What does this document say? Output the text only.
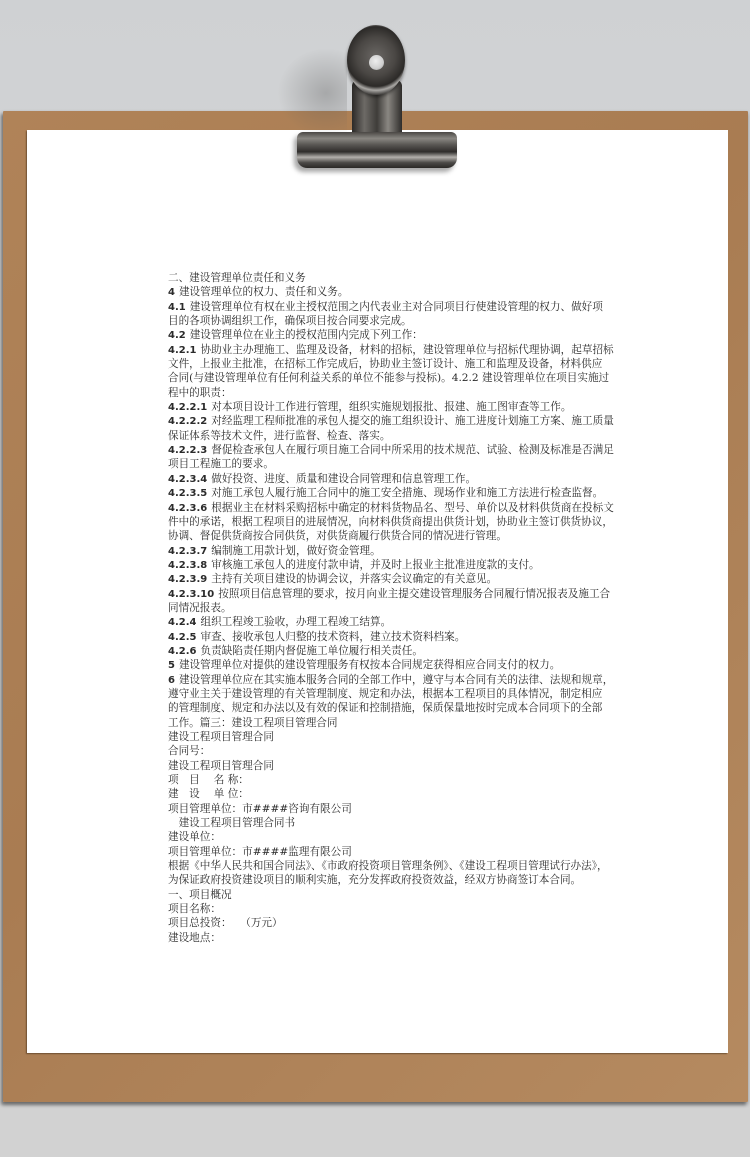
二、建设管理单位责任和义务
4 建设管理单位的权力、责任和义务。
4.1 建设管理单位有权在业主授权范围之内代表业主对合同项目行使建设管理的权力、做好项
目的各项协调组织工作，确保项目按合同要求完成。
4.2 建设管理单位在业主的授权范围内完成下列工作：
4.2.1 协助业主办理施工、监理及设备，材料的招标，建设管理单位与招标代理协调，起草招标
文件，上报业主批准，在招标工作完成后，协助业主签订设计、施工和监理及设备，材料供应
合同(与建设管理单位有任何利益关系的单位不能参与投标)。4.2.2 建设管理单位在项目实施过
程中的职责：
4.2.2.1 对本项目设计工作进行管理，组织实施规划报批、报建、施工图审查等工作。
4.2.2.2 对经监理工程师批准的承包人提交的施工组织设计、施工进度计划施工方案、施工质量
保证体系等技术文件，进行监督、检查、落实。
4.2.2.3 督促检查承包人在履行项目施工合同中所采用的技术规范、试验、检测及标准是否满足
项目工程施工的要求。
4.2.3.4 做好投资、进度、质量和建设合同管理和信息管理工作。
4.2.3.5 对施工承包人履行施工合同中的施工安全措施、现场作业和施工方法进行检查监督。
4.2.3.6 根据业主在材料采购招标中确定的材料货物品名、型号、单价以及材料供货商在投标文
件中的承诺，根据工程项目的进展情况，向材料供货商提出供货计划，协助业主签订供货协议，
协调、督促供货商按合同供货，对供货商履行供货合同的情况进行管理。
4.2.3.7 编制施工用款计划，做好资金管理。
4.2.3.8 审核施工承包人的进度付款申请，并及时上报业主批准进度款的支付。
4.2.3.9 主持有关项目建设的协调会议，并落实会议确定的有关意见。
4.2.3.10 按照项目信息管理的要求，按月向业主提交建设管理服务合同履行情况报表及施工合
同情况报表。
4.2.4 组织工程竣工验收，办理工程竣工结算。
4.2.5 审查、接收承包人归整的技术资料，建立技术资料档案。
4.2.6 负责缺陷责任期内督促施工单位履行相关责任。
5 建设管理单位对提供的建设管理服务有权按本合同规定获得相应合同支付的权力。
6 建设管理单位应在其实施本服务合同的全部工作中，遵守与本合同有关的法律、法规和规章，
遵守业主关于建设管理的有关管理制度、规定和办法，根据本工程项目的具体情况，制定相应
的管理制度、规定和办法以及有效的保证和控制措施，保质保量地按时完成本合同项下的全部
工作。篇三：建设工程项目管理合同
建设工程项目管理合同
合同号：
建设工程项目管理合同
项　目　 名 称：
建　设　 单 位：
项目管理单位：市####咨询有限公司
　建设工程项目管理合同书
建设单位：
项目管理单位：市####监理有限公司
根据《中华人民共和国合同法》、《市政府投资项目管理条例》、《建设工程项目管理试行办法》，
为保证政府投资建设项目的顺利实施，充分发挥政府投资效益，经双方协商签订本合同。
一、项目概况
项目名称：
项目总投资：　 （万元）
建设地点：
